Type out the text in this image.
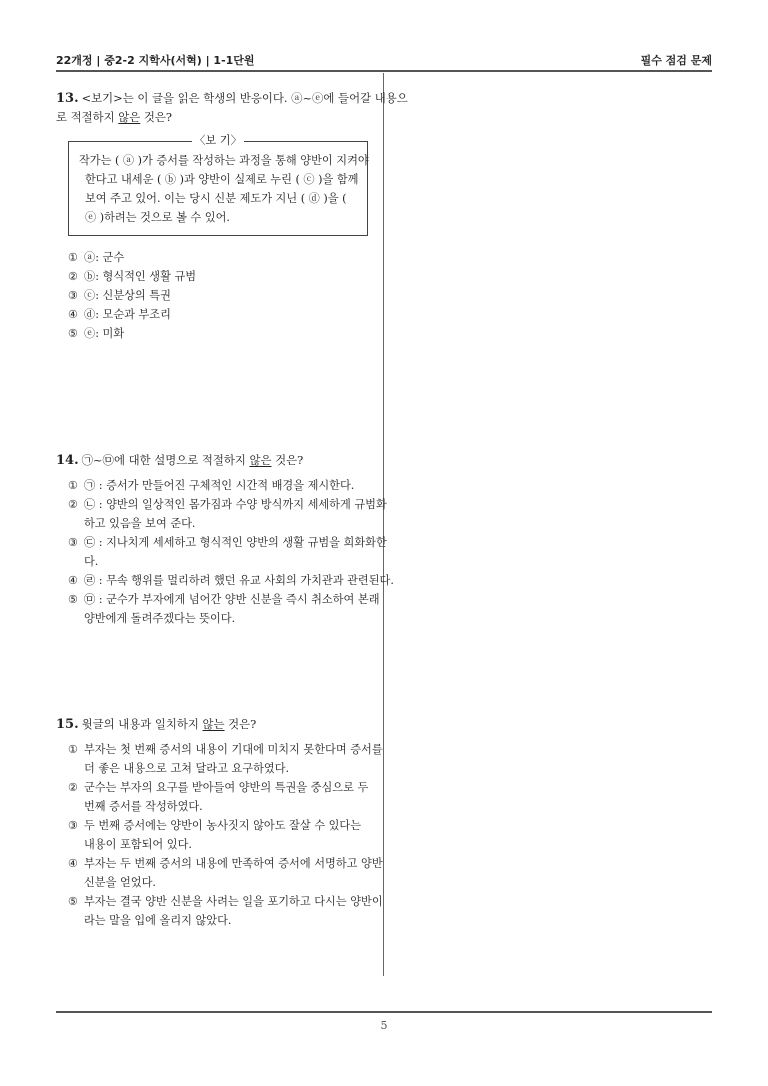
22개정 | 중2-2 지학사(서혁) | 1-1단원	필수 점검 문제

13. <보기>는 이 글을 읽은 학생의 반응이다. ⓐ~ⓔ에 들어갈 내용으

로 적절하지 않은 것은?

〈보 기〉
작가는 ( ⓐ )가 증서를 작성하는 과정을 통해 양반이 지켜야
한다고 내세운 ( ⓑ )과 양반이 실제로 누린 ( ⓒ )을 함께
보여 주고 있어. 이는 당시 신분 제도가 지닌 ( ⓓ )을 (
ⓔ )하려는 것으로 볼 수 있어.
① ⓐ: 군수
② ⓑ: 형식적인 생활 규범
③ ⓒ: 신분상의 특권
④ ⓓ: 모순과 부조리
⑤ ⓔ: 미화

14. ㉠~㉤에 대한 설명으로 적절하지 않은 것은?

① ㉠ : 증서가 만들어진 구체적인 시간적 배경을 제시한다.
② ㉡ : 양반의 일상적인 몸가짐과 수양 방식까지 세세하게 규범화
하고 있음을 보여 준다.
③ ㉢ : 지나치게 세세하고 형식적인 양반의 생활 규범을 희화화한
다.
④ ㉣ : 무속 행위를 멀리하려 했던 유교 사회의 가치관과 관련된다.
⑤ ㉤ : 군수가 부자에게 넘어간 양반 신분을 즉시 취소하여 본래
양반에게 돌려주겠다는 뜻이다.

15. 윗글의 내용과 일치하지 않는 것은?

① 부자는 첫 번째 증서의 내용이 기대에 미치지 못한다며 증서를
더 좋은 내용으로 고쳐 달라고 요구하였다.
② 군수는 부자의 요구를 받아들여 양반의 특권을 중심으로 두
번째 증서를 작성하였다.
③ 두 번째 증서에는 양반이 농사짓지 않아도 잘살 수 있다는
내용이 포함되어 있다.
④ 부자는 두 번째 증서의 내용에 만족하여 증서에 서명하고 양반
신분을 얻었다.
⑤ 부자는 결국 양반 신분을 사려는 일을 포기하고 다시는 양반이
라는 말을 입에 올리지 않았다.
5
